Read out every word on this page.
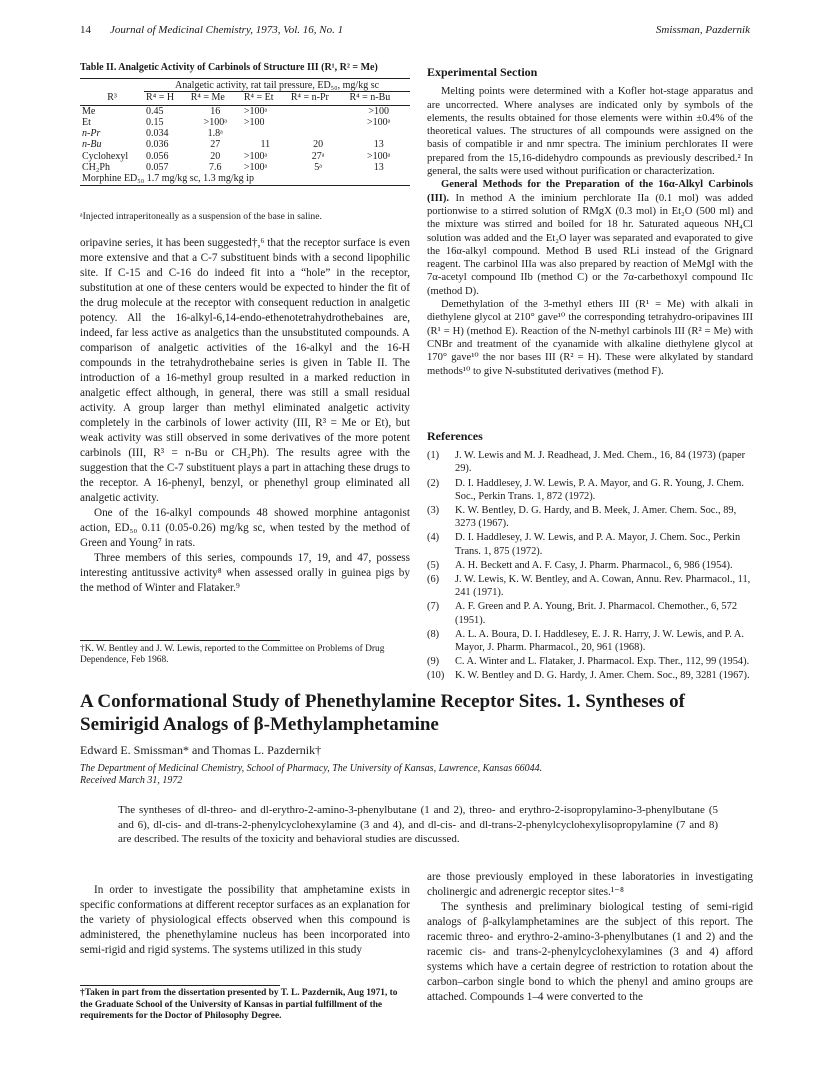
14 Journal of Medicinal Chemistry, 1973, Vol. 16, No. 1	Smissman, Pazdernik
Table II. Analgetic Activity of Carbinols of Structure III (R¹, R² = Me)
	Analgetic activity, rat tail pressure, ED₅₀, mg/kg sc				
R³	R⁴ = H	R⁴ = Me	R⁴ = Et	R⁴ = n-Pr	R⁴ = n-Bu
Me	0.45	16	>100ᵃ		>100
Et	0.15	>100ᵃ	>100		>100ᵃ
n-Pr	0.034	1.8ᵃ			
n-Bu	0.036	27	11	20	13
Cyclohexyl	0.056	20	>100ᵃ	27ᵃ	>100ᵃ
CH₂Ph	0.057	7.6	>100ᵃ	5ᵃ	13
Morphine ED₅₀ 1.7 mg/kg sc, 1.3 mg/kg ip					
ᵃInjected intraperitoneally as a suspension of the base in saline.

oripavine series, it has been suggested†,⁶ that the receptor surface is even more extensive and that a C-7 substituent binds with a second lipophilic site. If C-15 and C-16 do indeed fit into a “hole” in the receptor, substitution at one of these centers would be expected to hinder the fit of the drug molecule at the receptor with consequent reduction in analgetic potency. All the 16-alkyl-6,14-endo-ethenotetrahydrothebaines are, indeed, far less active as analgetics than the unsubstituted compounds. A comparison of analgetic activities of the 16-alkyl and the 16-H compounds in the tetrahydrothebaine series is given in Table II. The introduction of a 16-methyl group resulted in a marked reduction in analgetic effect although, in general, there was still a small residual activity. A group larger than methyl eliminated analgetic activity completely in the carbinols of lower activity (III, R³ = Me or Et), but weak activity was still observed in some derivatives of the more potent carbinols (III, R³ = n-Bu or CH₂Ph). The results agree with the suggestion that the C-7 substituent plays a part in attaching these drugs to the receptor. A 16-phenyl, benzyl, or phenethyl group eliminated all analgetic activity.

One of the 16-alkyl compounds 48 showed morphine antagonist action, ED₅₀ 0.11 (0.05-0.26) mg/kg sc, when tested by the method of Green and Young⁷ in rats.

Three members of this series, compounds 17, 19, and 47, possess interesting antitussive activity⁸ when assessed orally in guinea pigs by the method of Winter and Flataker.⁹

†K. W. Bentley and J. W. Lewis, reported to the Committee on Problems of Drug Dependence, Feb 1968.
Experimental Section

Melting points were determined with a Kofler hot-stage apparatus and are uncorrected. Where analyses are indicated only by symbols of the elements, the results obtained for those elements were within ±0.4% of the theoretical values. The structures of all compounds were assigned on the basis of compatible ir and nmr spectra. The iminium perchlorates II were prepared from the 15,16-didehydro compounds as previously described.² In general, the salts were used without purification or characterization.

General Methods for the Preparation of the 16α-Alkyl Carbinols (III). In method A the iminium perchlorate IIa (0.1 mol) was added portionwise to a stirred solution of RMgX (0.3 mol) in Et₂O (500 ml) and the mixture was stirred and boiled for 18 hr. Saturated aqueous NH₄Cl solution was added and the Et₂O layer was separated and evaporated to give the 16α-alkyl compound. Method B used RLi instead of the Grignard reagent. The carbinol IIIa was also prepared by reaction of MeMgI with the 7α-acetyl compound IIb (method C) or the 7α-carbethoxyl compound IIc (method D).

Demethylation of the 3-methyl ethers III (R¹ = Me) with alkali in diethylene glycol at 210° gave¹⁰ the corresponding tetrahydro-oripavines III (R¹ = H) (method E). Reaction of the N-methyl carbinols III (R² = Me) with CNBr and treatment of the cyanamide with alkaline diethylene glycol at 170° gave¹⁰ the nor bases III (R² = H). These were alkylated by standard methods¹⁰ to give N-substituted derivatives (method F).

References
(1) J. W. Lewis and M. J. Readhead, J. Med. Chem., 16, 84 (1973) (paper 29).
(2) D. I. Haddlesey, J. W. Lewis, P. A. Mayor, and G. R. Young, J. Chem. Soc., Perkin Trans. 1, 872 (1972).
(3) K. W. Bentley, D. G. Hardy, and B. Meek, J. Amer. Chem. Soc., 89, 3273 (1967).
(4) D. I. Haddlesey, J. W. Lewis, and P. A. Mayor, J. Chem. Soc., Perkin Trans. 1, 875 (1972).
(5) A. H. Beckett and A. F. Casy, J. Pharm. Pharmacol., 6, 986 (1954).
(6) J. W. Lewis, K. W. Bentley, and A. Cowan, Annu. Rev. Pharmacol., 11, 241 (1971).
(7) A. F. Green and P. A. Young, Brit. J. Pharmacol. Chemother., 6, 572 (1951).
(8) A. L. A. Boura, D. I. Haddlesey, E. J. R. Harry, J. W. Lewis, and P. A. Mayor, J. Pharm. Pharmacol., 20, 961 (1968).
(9) C. A. Winter and L. Flataker, J. Pharmacol. Exp. Ther., 112, 99 (1954).
(10) K. W. Bentley and D. G. Hardy, J. Amer. Chem. Soc., 89, 3281 (1967).
A Conformational Study of Phenethylamine Receptor Sites. 1. Syntheses of Semirigid Analogs of β-Methylamphetamine
Edward E. Smissman* and Thomas L. Pazdernik†
The Department of Medicinal Chemistry, School of Pharmacy, The University of Kansas, Lawrence, Kansas 66044.
Received March 31, 1972
The syntheses of dl-threo- and dl-erythro-2-amino-3-phenylbutane (1 and 2), threo- and erythro-2-isopropylamino-3-phenylbutane (5 and 6), dl-cis- and dl-trans-2-phenylcyclohexylamine (3 and 4), and dl-cis- and dl-trans-2-phenylcyclohexylisopropylamine (7 and 8) are described. The results of the toxicity and behavioral studies are discussed.

In order to investigate the possibility that amphetamine exists in specific conformations at different receptor surfaces as an explanation for the variety of physiological effects observed when this compound is administered, the phenethylamine nucleus has been incorporated into semi-rigid and rigid systems. The systems utilized in this study

†Taken in part from the dissertation presented by T. L. Pazdernik, Aug 1971, to the Graduate School of the University of Kansas in partial fulfillment of the requirements for the Doctor of Philosophy Degree.

are those previously employed in these laboratories in investigating cholinergic and adrenergic receptor sites.¹⁻⁸

The synthesis and preliminary biological testing of semi-rigid analogs of β-alkylamphetamines are the subject of this report. The racemic threo- and erythro-2-amino-3-phenylbutanes (1 and 2) and the racemic cis- and trans-2-phenylcyclohexylamines (3 and 4) afford systems which have a certain degree of restriction to rotation about the carbon–carbon single bond to which the phenyl and amino groups are attached. Compounds 1–4 were converted to the
